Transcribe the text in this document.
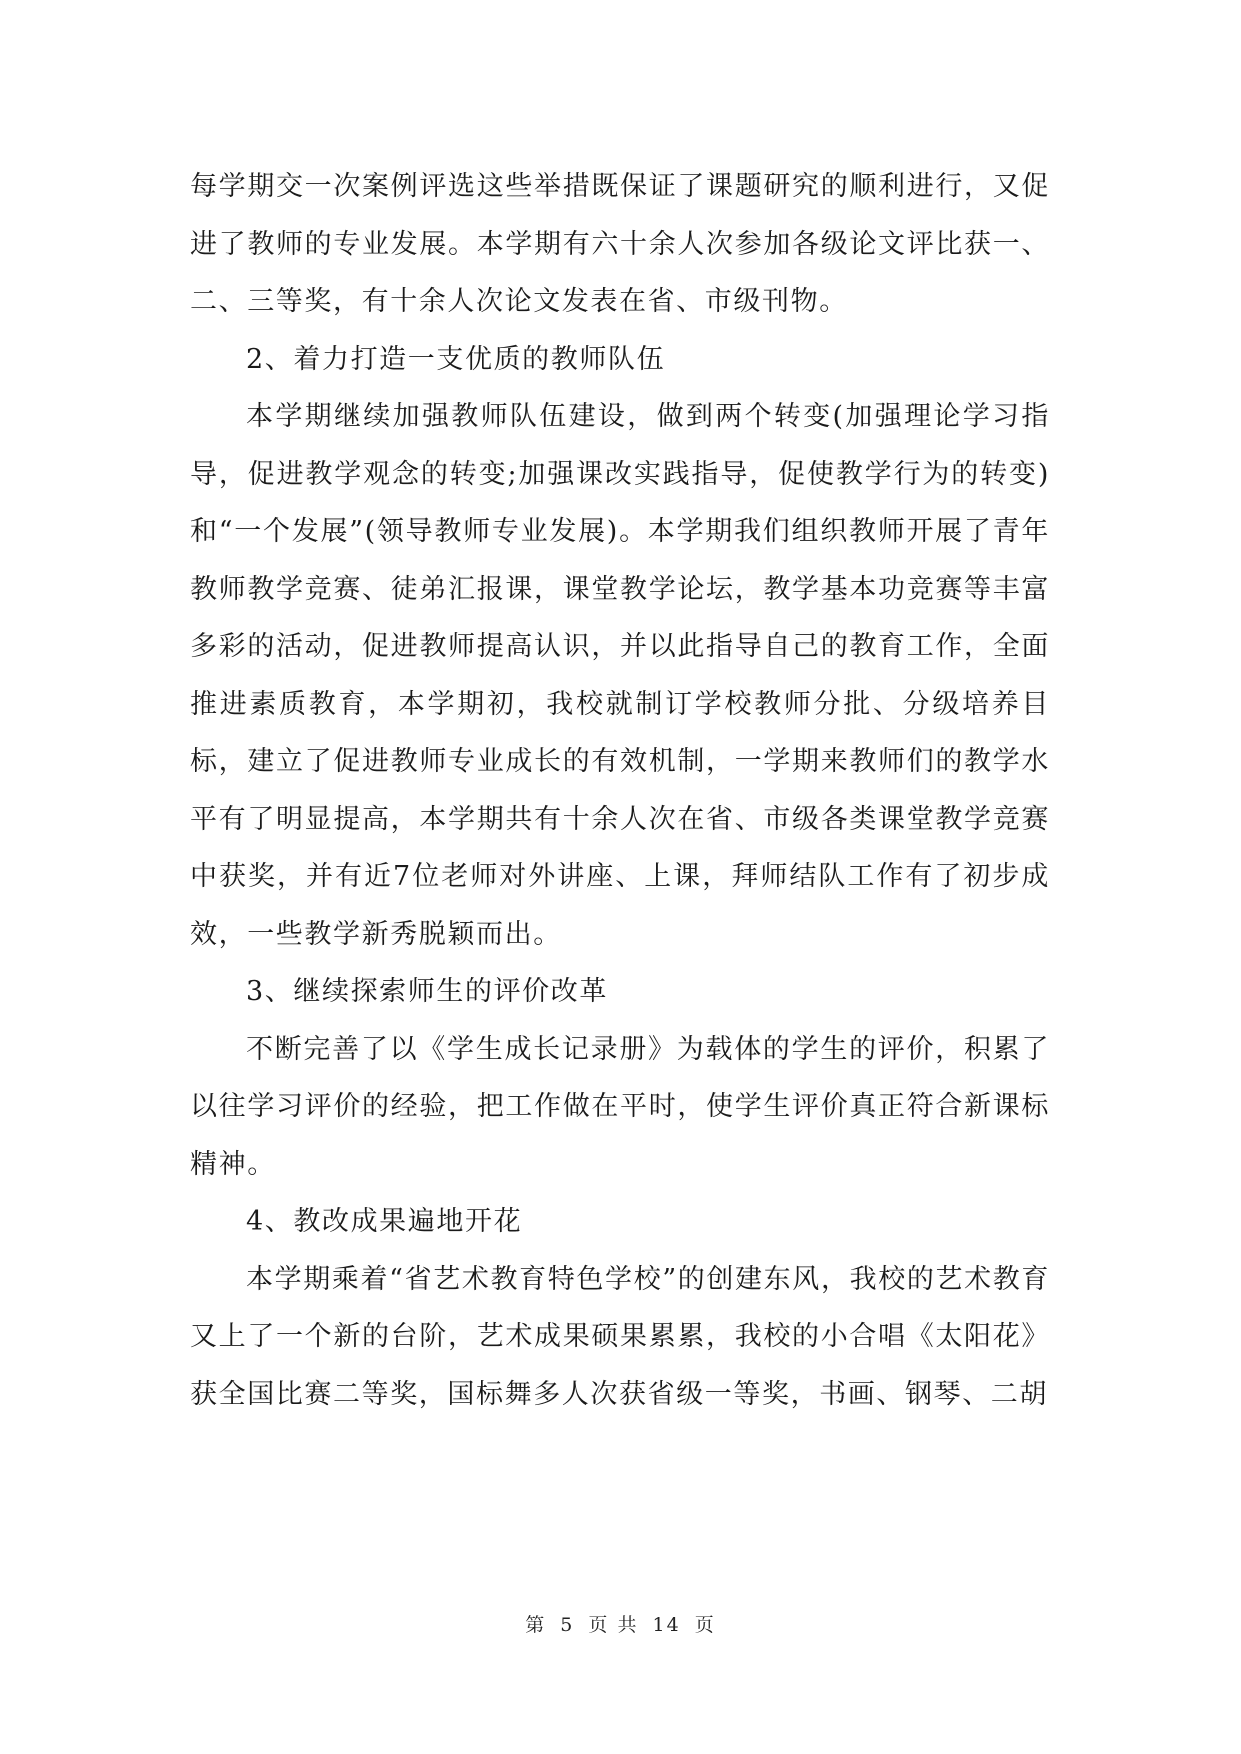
每学期交一次案例评选这些举措既保证了课题研究的顺利进行，又促进了教师的专业发展。本学期有六十余人次参加各级论文评比获一、二、三等奖，有十余人次论文发表在省、市级刊物。

2、着力打造一支优质的教师队伍

本学期继续加强教师队伍建设，做到两个转变(加强理论学习指导，促进教学观念的转变;加强课改实践指导，促使教学行为的转变)和“一个发展”(领导教师专业发展)。本学期我们组织教师开展了青年教师教学竞赛、徒弟汇报课，课堂教学论坛，教学基本功竞赛等丰富多彩的活动，促进教师提高认识，并以此指导自己的教育工作，全面推进素质教育，本学期初，我校就制订学校教师分批、分级培养目标，建立了促进教师专业成长的有效机制，一学期来教师们的教学水平有了明显提高，本学期共有十余人次在省、市级各类课堂教学竞赛中获奖，并有近7位老师对外讲座、上课，拜师结队工作有了初步成效，一些教学新秀脱颖而出。

3、继续探索师生的评价改革

不断完善了以《学生成长记录册》为载体的学生的评价，积累了以往学习评价的经验，把工作做在平时，使学生评价真正符合新课标精神。

4、教改成果遍地开花

本学期乘着“省艺术教育特色学校”的创建东风，我校的艺术教育又上了一个新的台阶，艺术成果硕果累累，我校的小合唱《太阳花》获全国比赛二等奖，国标舞多人次获省级一等奖，书画、钢琴、二胡

第 5 页 共 14 页
